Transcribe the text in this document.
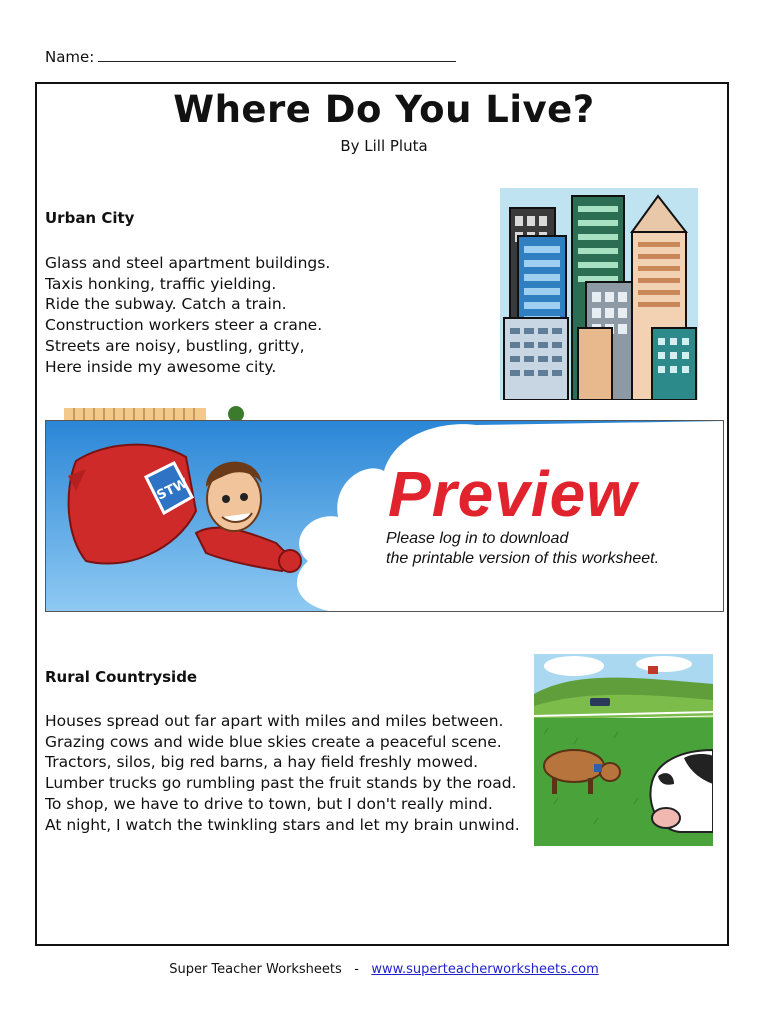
Name:
Where Do You Live?
By Lill Pluta
Urban City
Glass and steel apartment buildings.
Taxis honking, traffic yielding.
Ride the subway. Catch a train.
Construction workers steer a crane.
Streets are noisy, bustling, gritty,
Here inside my awesome city.
STW	Preview
Please log in to download
the printable version of this worksheet.
Rural Countryside
Houses spread out far apart with miles and miles between.
Grazing cows and wide blue skies create a peaceful scene.
Tractors, silos, big red barns, a hay field freshly mowed.
Lumber trucks go rumbling past the fruit stands by the road.
To shop, we have to drive to town, but I don't really mind.
At night, I watch the twinkling stars and let my brain unwind.
Super Teacher Worksheets - www.superteacherworksheets.com
